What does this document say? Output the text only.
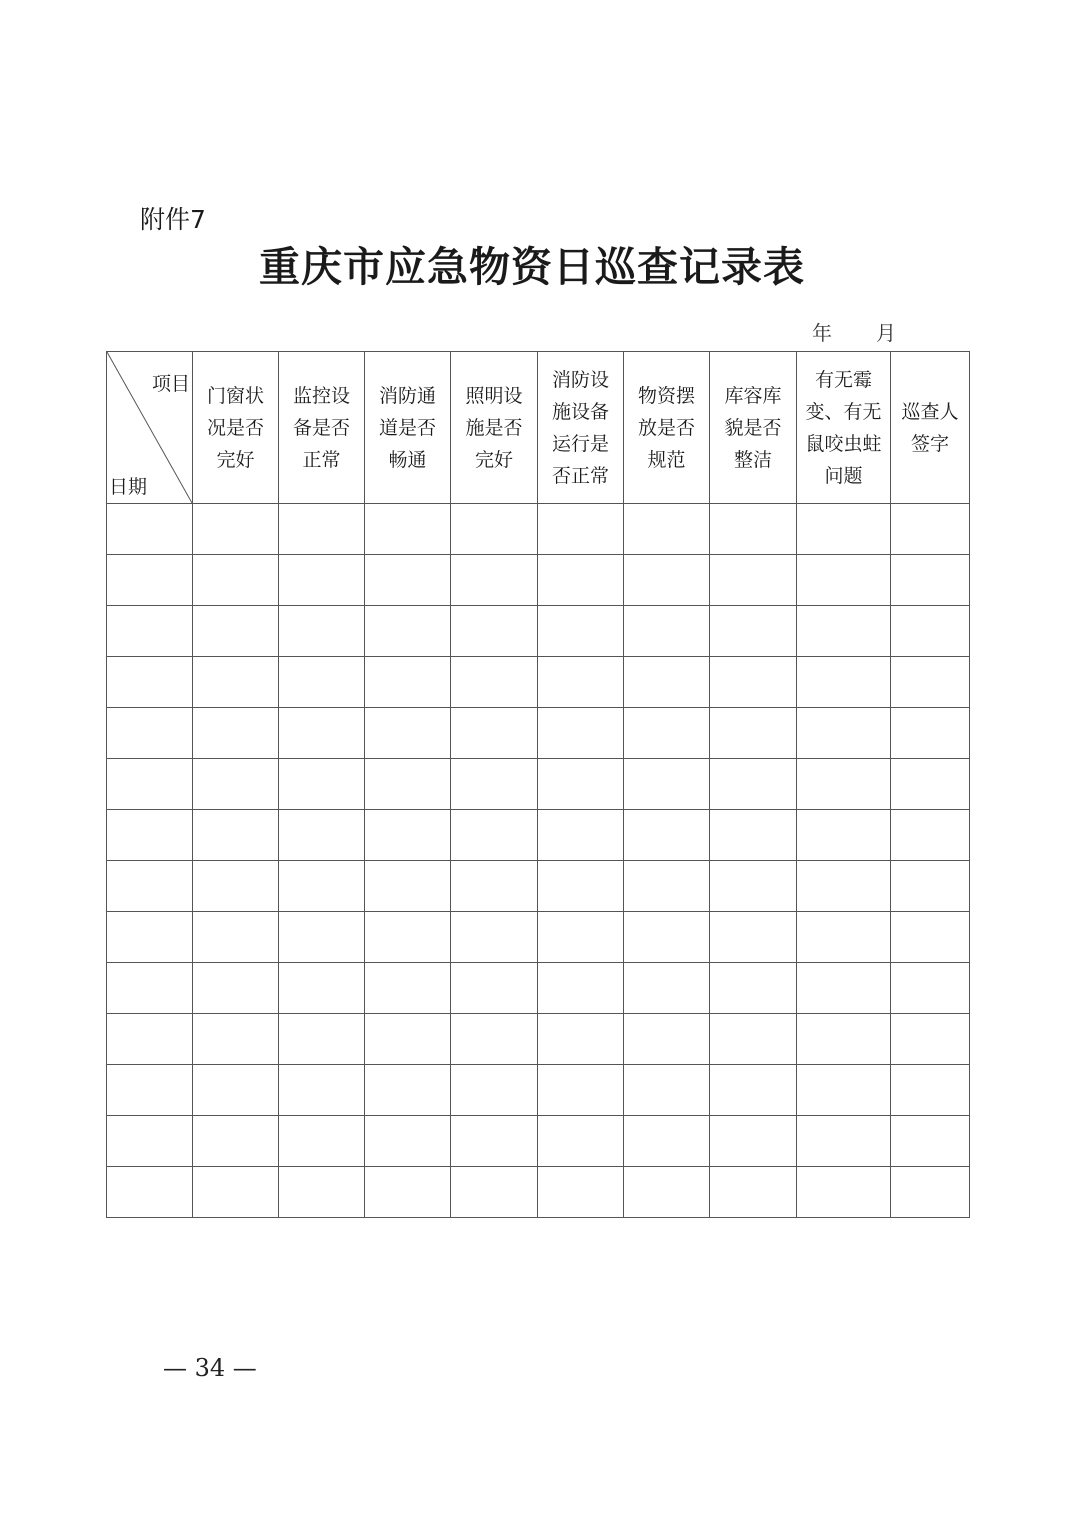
附件7
重庆市应急物资日巡查记录表
年 月
项目
日期	门窗状况是否完好	监控设备是否正常	消防通道是否畅通	照明设施是否完好	消防设施设备运行是否正常	物资摆放是否规范	库容库貌是否整洁	有无霉变、有无鼠咬虫蛀问题	巡查人签字

— 34 —
